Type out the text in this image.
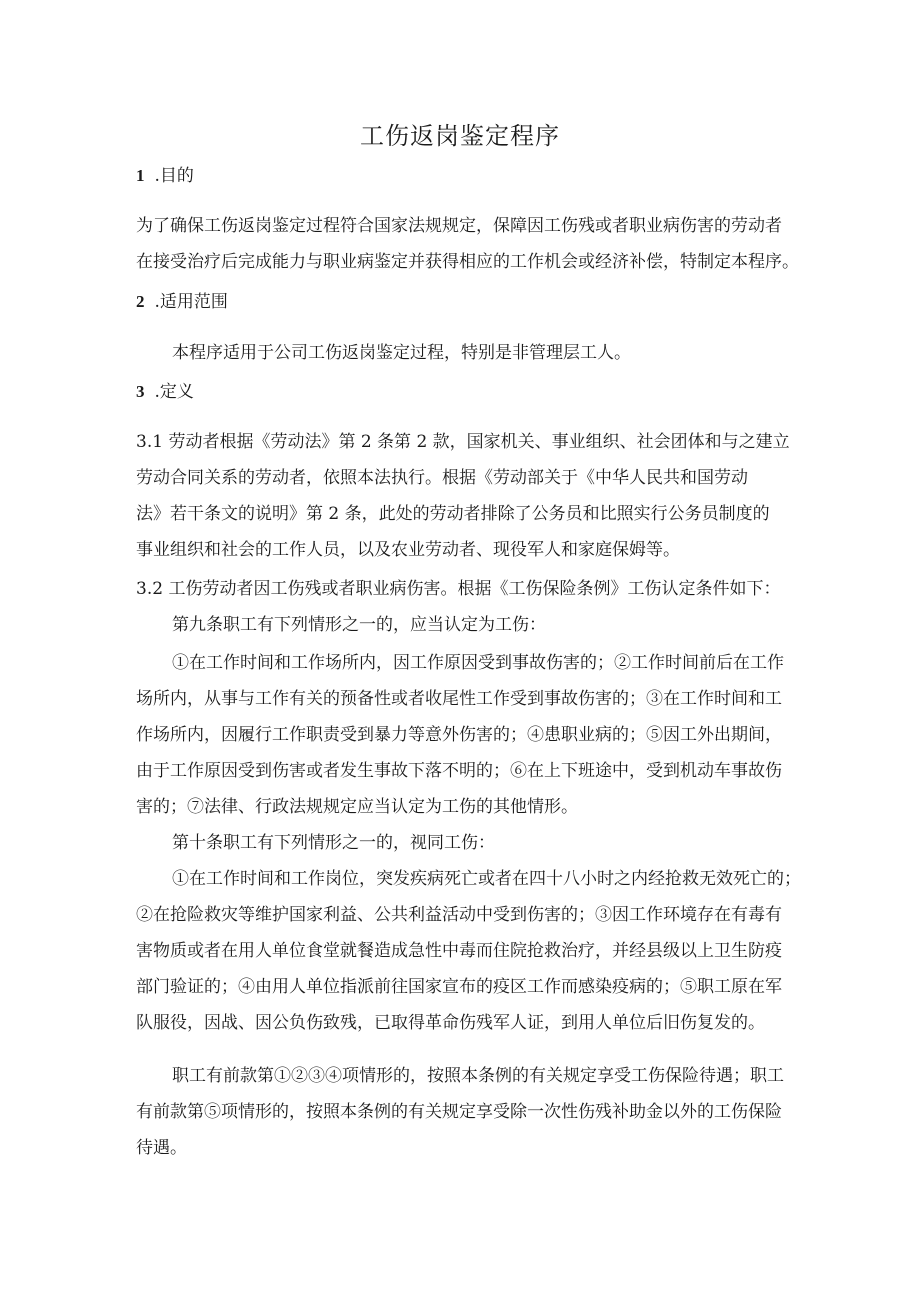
工伤返岗鉴定程序
1 .目的
为了确保工伤返岗鉴定过程符合国家法规规定，保障因工伤残或者职业病伤害的劳动者
在接受治疗后完成能力与职业病鉴定并获得相应的工作机会或经济补偿，特制定本程序。
2 .适用范围
本程序适用于公司工伤返岗鉴定过程，特别是非管理层工人。
3 .定义
3.1 劳动者根据《劳动法》第 2 条第 2 款，国家机关、事业组织、社会团体和与之建立
劳动合同关系的劳动者，依照本法执行。根据《劳动部关于《中华人民共和国劳动
法》若干条文的说明》第 2 条，此处的劳动者排除了公务员和比照实行公务员制度的
事业组织和社会的工作人员，以及农业劳动者、现役军人和家庭保姆等。
3.2 工伤劳动者因工伤残或者职业病伤害。根据《工伤保险条例》工伤认定条件如下：
第九条职工有下列情形之一的，应当认定为工伤：
①在工作时间和工作场所内，因工作原因受到事故伤害的；②工作时间前后在工作
场所内，从事与工作有关的预备性或者收尾性工作受到事故伤害的；③在工作时间和工
作场所内，因履行工作职责受到暴力等意外伤害的；④患职业病的；⑤因工外出期间，
由于工作原因受到伤害或者发生事故下落不明的；⑥在上下班途中，受到机动车事故伤
害的；⑦法律、行政法规规定应当认定为工伤的其他情形。
第十条职工有下列情形之一的，视同工伤：
①在工作时间和工作岗位，突发疾病死亡或者在四十八小时之内经抢救无效死亡的；
②在抢险救灾等维护国家利益、公共利益活动中受到伤害的；③因工作环境存在有毒有
害物质或者在用人单位食堂就餐造成急性中毒而住院抢救治疗，并经县级以上卫生防疫
部门验证的；④由用人单位指派前往国家宣布的疫区工作而感染疫病的；⑤职工原在军
队服役，因战、因公负伤致残，已取得革命伤残军人证，到用人单位后旧伤复发的。
职工有前款第①②③④项情形的，按照本条例的有关规定享受工伤保险待遇；职工
有前款第⑤项情形的，按照本条例的有关规定享受除一次性伤残补助金以外的工伤保险
待遇。
